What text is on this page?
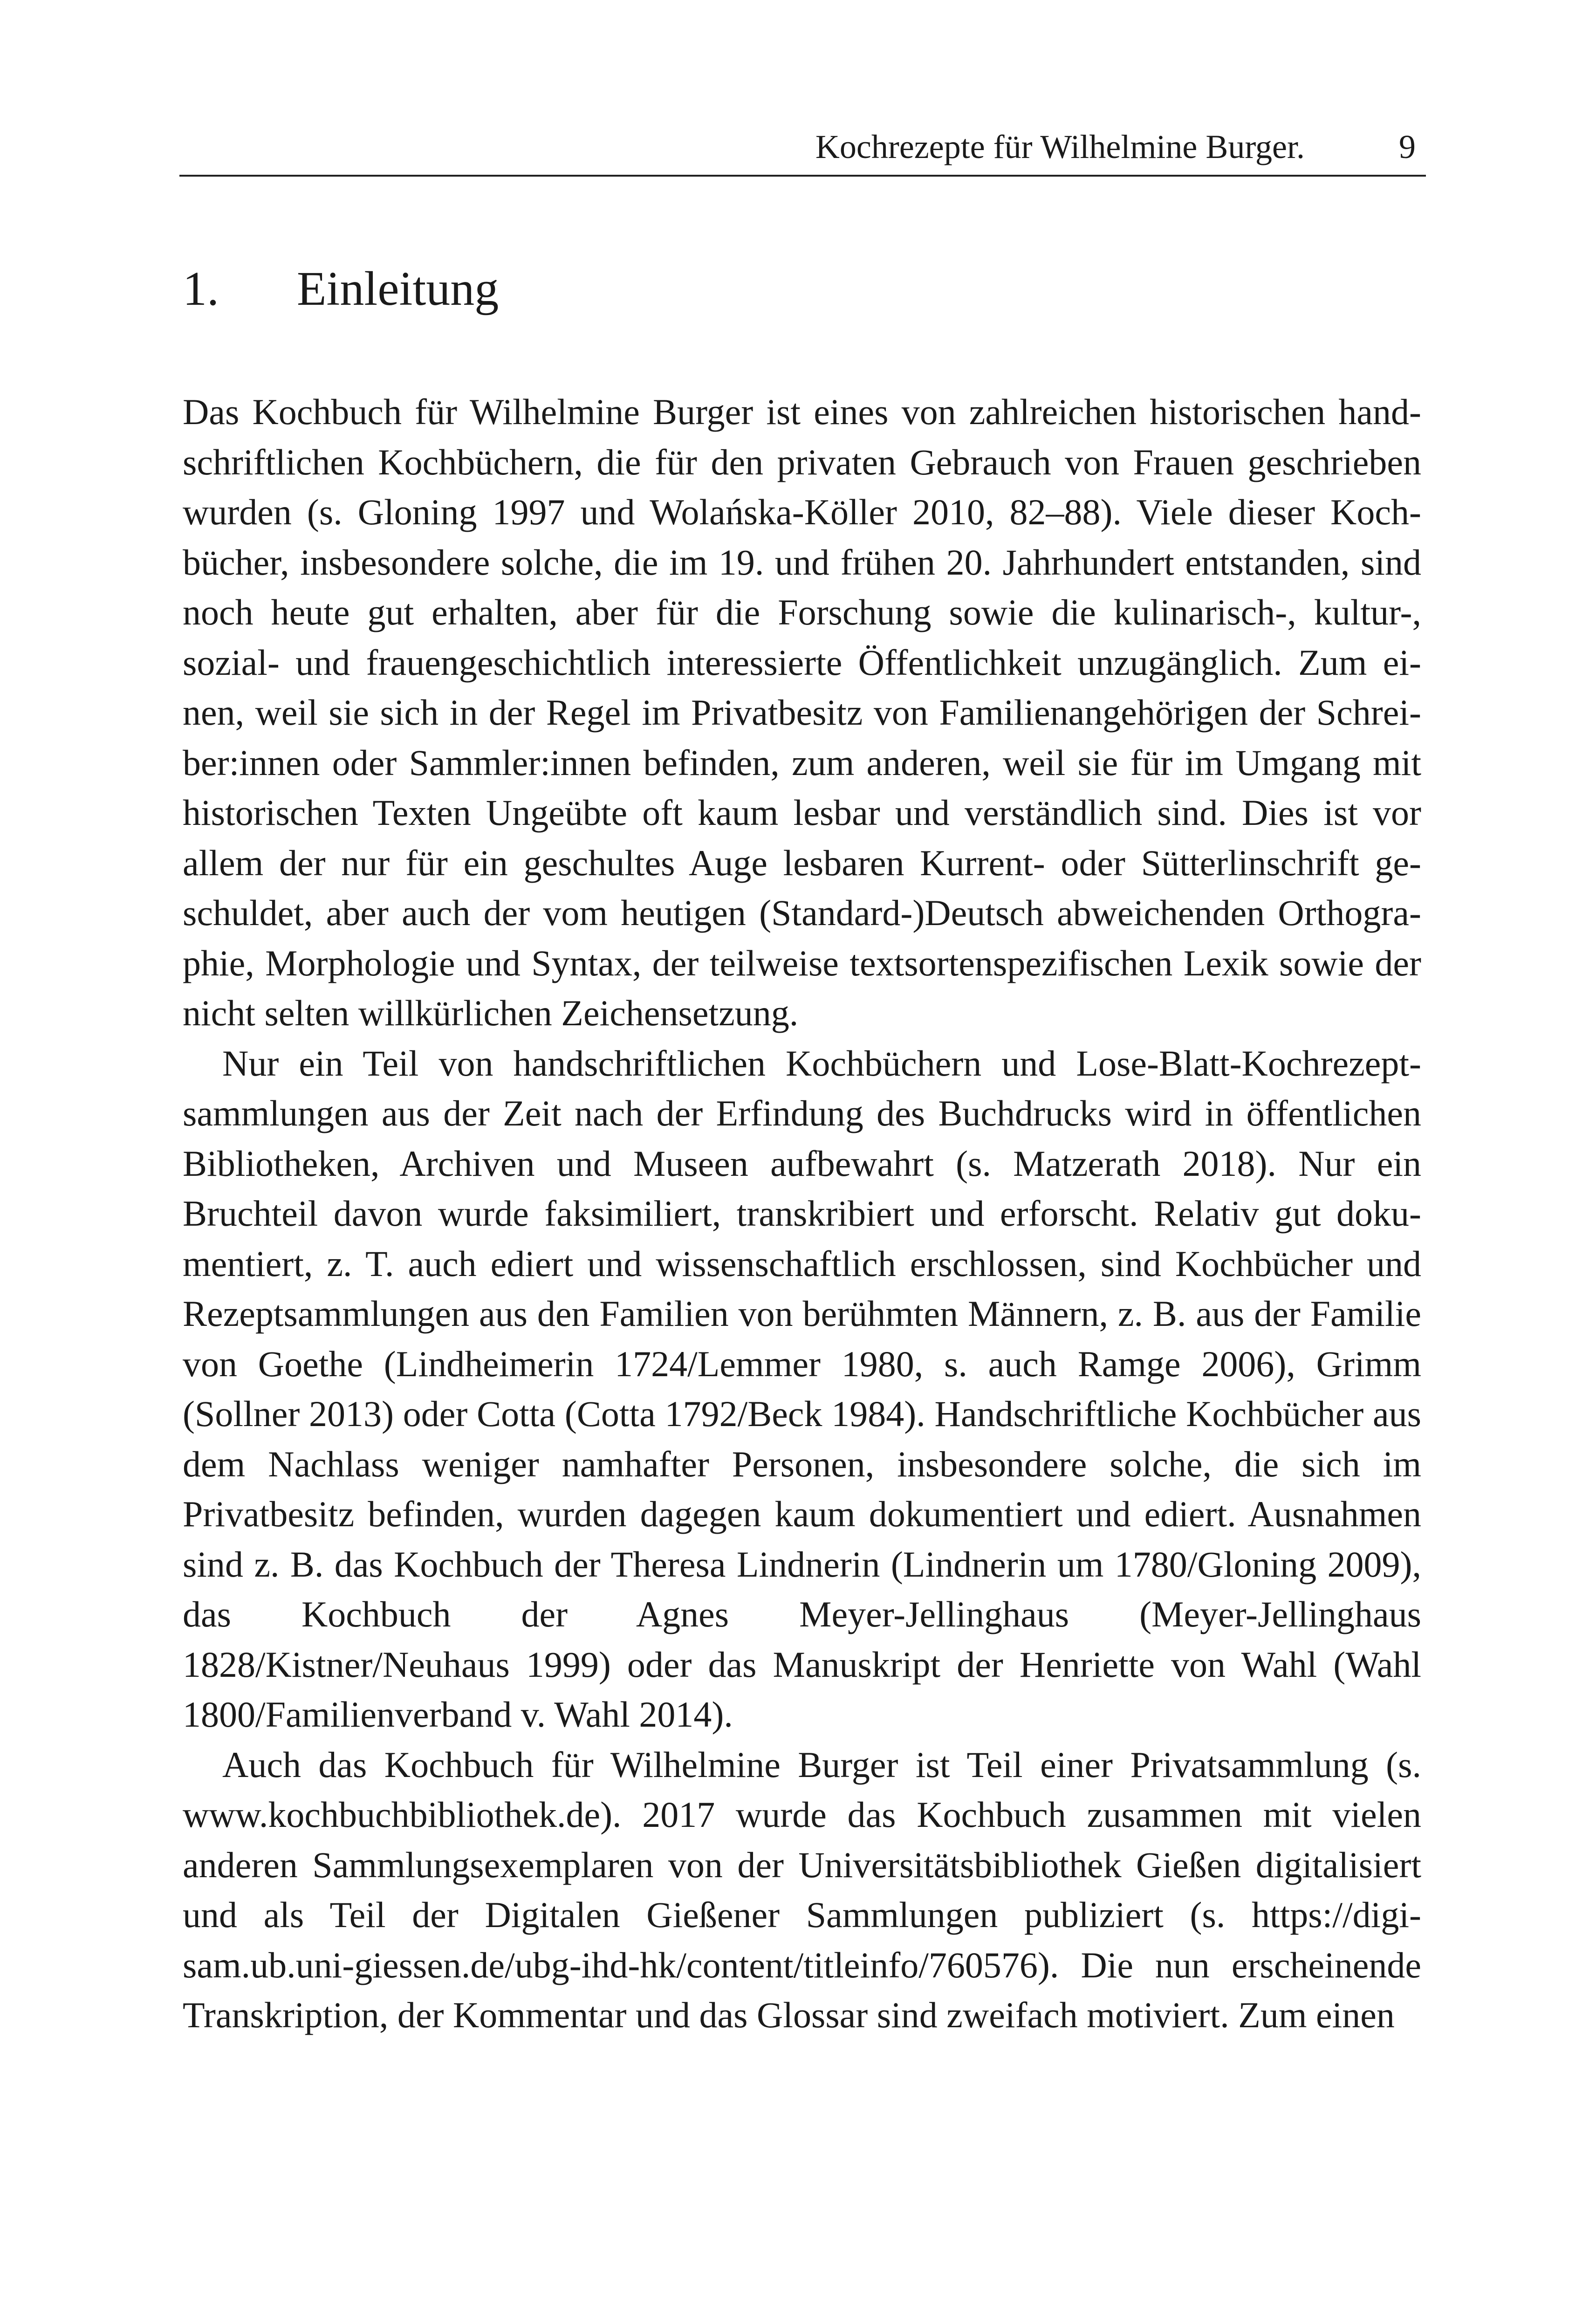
Kochrezepte für Wilhelmine Burger.	9
1. Einleitung

Das Kochbuch für Wilhelmine Burger ist eines von zahlreichen historischen handschriftlichen Kochbüchern, die für den privaten Gebrauch von Frauen geschrieben wurden (s. Gloning 1997 und Wolańska-Köller 2010, 82–88). Viele dieser Kochbücher, insbesondere solche, die im 19. und frühen 20. Jahrhundert entstanden, sind noch heute gut erhalten, aber für die Forschung sowie die kulinarisch-, kultur-, sozial- und frauengeschichtlich interessierte Öffentlichkeit unzugänglich. Zum einen, weil sie sich in der Regel im Privatbesitz von Familienangehörigen der Schreiber:innen oder Sammler:innen befinden, zum anderen, weil sie für im Umgang mit historischen Texten Ungeübte oft kaum lesbar und verständlich sind. Dies ist vor allem der nur für ein geschultes Auge lesbaren Kurrent- oder Sütterlinschrift geschuldet, aber auch der vom heutigen (Standard-)Deutsch abweichenden Orthographie, Morphologie und Syntax, der teilweise textsortenspezifischen Lexik sowie der nicht selten willkürlichen Zeichensetzung.

Nur ein Teil von handschriftlichen Kochbüchern und Lose-Blatt-Kochrezeptsammlungen aus der Zeit nach der Erfindung des Buchdrucks wird in öffentlichen Bibliotheken, Archiven und Museen aufbewahrt (s. Matzerath 2018). Nur ein Bruchteil davon wurde faksimiliert, transkribiert und erforscht. Relativ gut dokumentiert, z. T. auch ediert und wissenschaftlich erschlossen, sind Kochbücher und Rezeptsammlungen aus den Familien von berühmten Männern, z. B. aus der Familie von Goethe (Lindheimerin 1724/Lemmer 1980, s. auch Ramge 2006), Grimm (Sollner 2013) oder Cotta (Cotta 1792/Beck 1984). Handschriftliche Kochbücher aus dem Nachlass weniger namhafter Personen, insbesondere solche, die sich im Privatbesitz befinden, wurden dagegen kaum dokumentiert und ediert. Ausnahmen sind z. B. das Kochbuch der Theresa Lindnerin (Lindnerin um 1780/Gloning 2009), das Kochbuch der Agnes Meyer-Jellinghaus (Meyer-Jellinghaus 1828/Kistner/Neuhaus 1999) oder das Manuskript der Henriette von Wahl (Wahl 1800/Familienverband v. Wahl 2014).

Auch das Kochbuch für Wilhelmine Burger ist Teil einer Privatsammlung (s. www.kochbuchbibliothek.de). 2017 wurde das Kochbuch zusammen mit vielen anderen Sammlungsexemplaren von der Universitätsbibliothek Gießen digitalisiert und als Teil der Digitalen Gießener Sammlungen publiziert (s. https://digisam.ub.uni-giessen.de/ubg-ihd-hk/content/titleinfo/760576). Die nun erscheinende Transkription, der Kommentar und das Glossar sind zweifach motiviert. Zum einen
